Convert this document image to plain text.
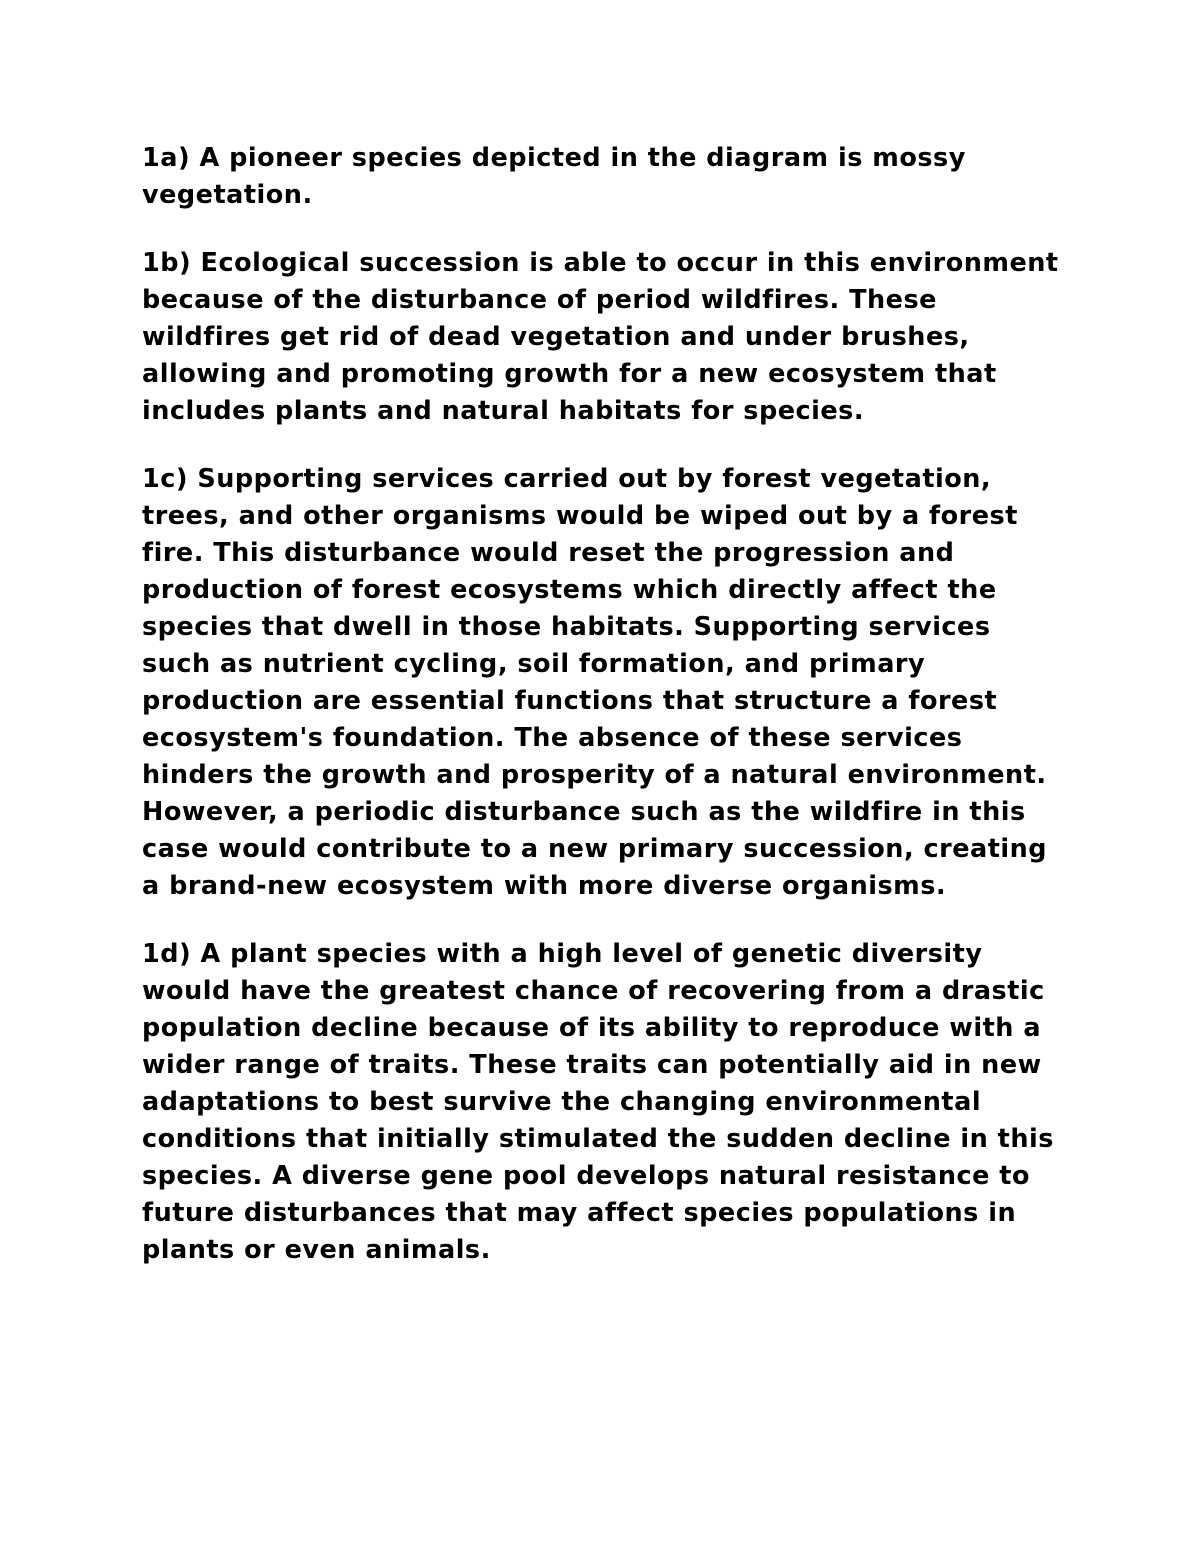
1a) A pioneer species depicted in the diagram is mossy vegetation.

1b) Ecological succession is able to occur in this environment because of the disturbance of period wildfires. These wildfires get rid of dead vegetation and under brushes, allowing and promoting growth for a new ecosystem that includes plants and natural habitats for species.

1c) Supporting services carried out by forest vegetation, trees, and other organisms would be wiped out by a forest fire. This disturbance would reset the progression and production of forest ecosystems which directly affect the species that dwell in those habitats. Supporting services such as nutrient cycling, soil formation, and primary production are essential functions that structure a forest ecosystem's foundation. The absence of these services hinders the growth and prosperity of a natural environment. However, a periodic disturbance such as the wildfire in this case would contribute to a new primary succession, creating a brand-new ecosystem with more diverse organisms.

1d) A plant species with a high level of genetic diversity would have the greatest chance of recovering from a drastic population decline because of its ability to reproduce with a wider range of traits. These traits can potentially aid in new adaptations to best survive the changing environmental conditions that initially stimulated the sudden decline in this species. A diverse gene pool develops natural resistance to future disturbances that may affect species populations in plants or even animals.
